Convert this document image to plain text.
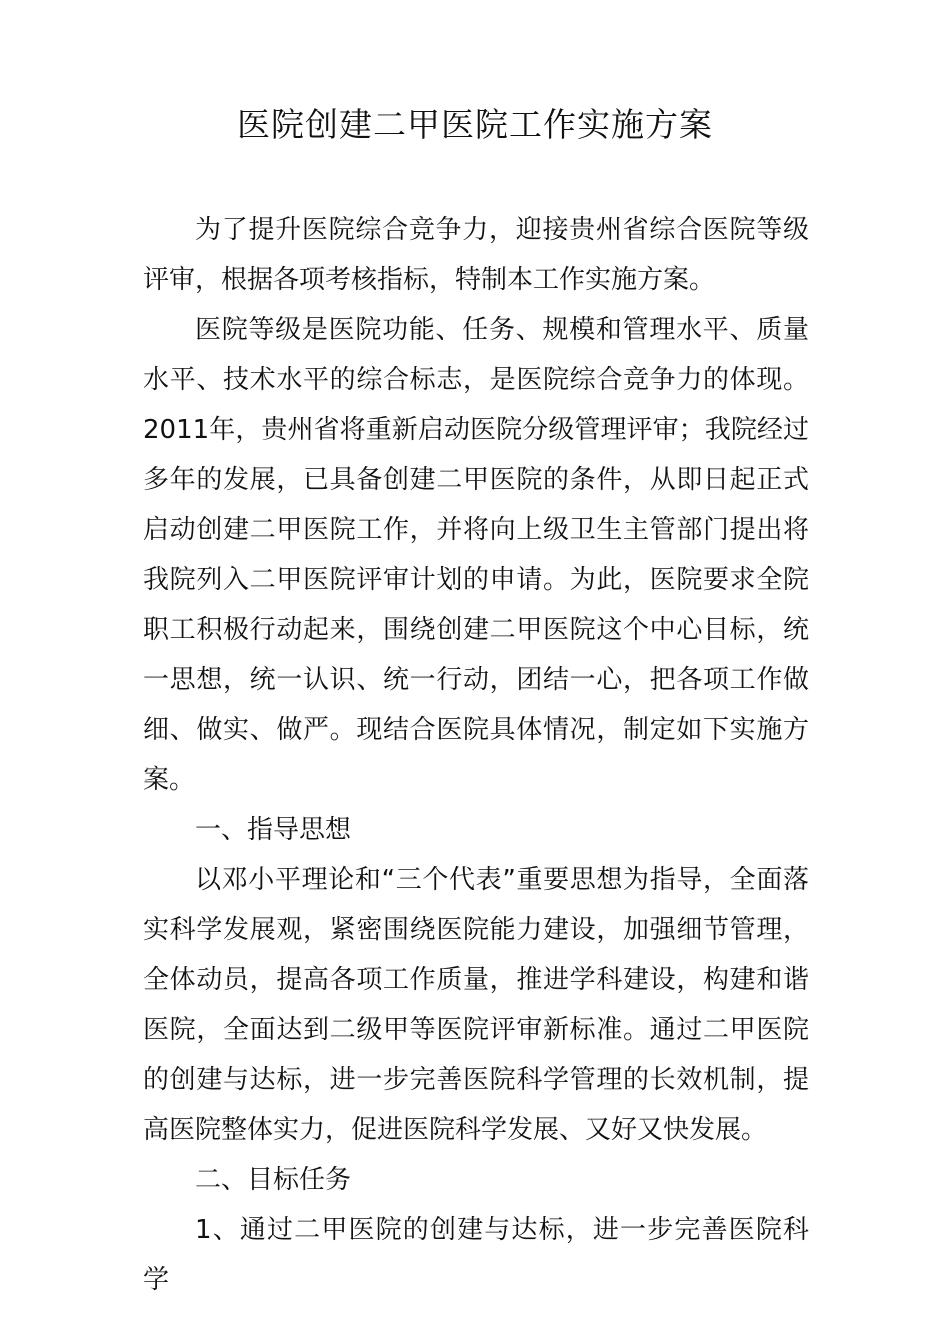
医院创建二甲医院工作实施方案

为了提升医院综合竞争力，迎接贵州省综合医院等级评审，根据各项考核指标，特制本工作实施方案。

医院等级是医院功能、任务、规模和管理水平、质量水平、技术水平的综合标志，是医院综合竞争力的体现。2011年，贵州省将重新启动医院分级管理评审；我院经过多年的发展，已具备创建二甲医院的条件，从即日起正式启动创建二甲医院工作，并将向上级卫生主管部门提出将我院列入二甲医院评审计划的申请。为此，医院要求全院职工积极行动起来，围绕创建二甲医院这个中心目标，统一思想，统一认识、统一行动，团结一心，把各项工作做细、做实、做严。现结合医院具体情况，制定如下实施方案。

一、指导思想

以邓小平理论和“三个代表”重要思想为指导，全面落实科学发展观，紧密围绕医院能力建设，加强细节管理，全体动员，提高各项工作质量，推进学科建设，构建和谐医院，全面达到二级甲等医院评审新标准。通过二甲医院的创建与达标，进一步完善医院科学管理的长效机制，提高医院整体实力，促进医院科学发展、又好又快发展。

二、目标任务

1、通过二甲医院的创建与达标，进一步完善医院科学
